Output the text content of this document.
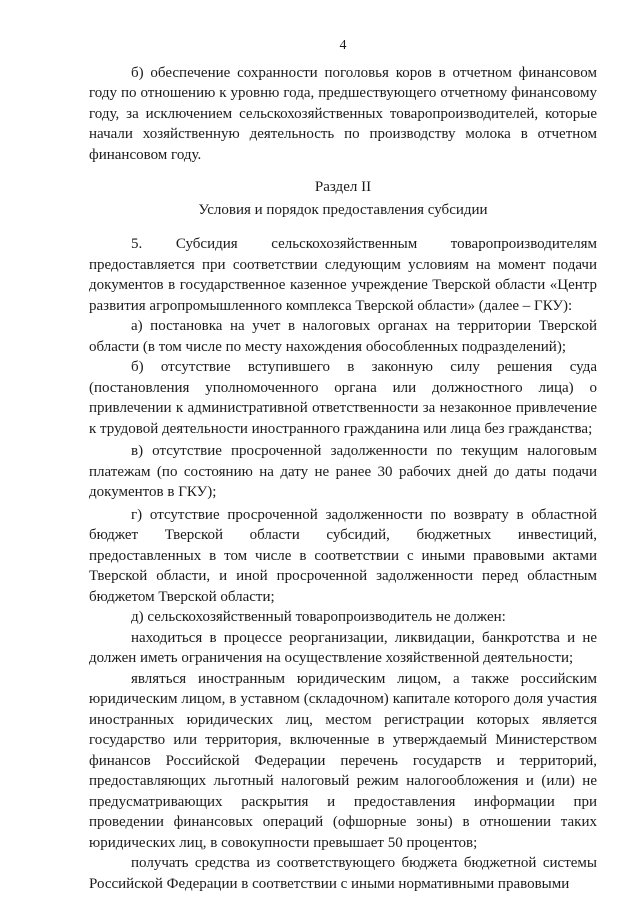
4

б) обеспечение сохранности поголовья коров в отчетном финансовом году по отношению к уровню года, предшествующего отчетному финансовому году, за исключением сельскохозяйственных товаропроизводителей, которые начали хозяйственную деятельность по производству молока в отчетном финансовом году.

Раздел II
Условия и порядок предоставления субсидии

5. Субсидия сельскохозяйственным товаропроизводителям предоставляется при соответствии следующим условиям на момент подачи документов в государственное казенное учреждение Тверской области «Центр развития агропромышленного комплекса Тверской области» (далее – ГКУ):

а) постановка на учет в налоговых органах на территории Тверской области (в том числе по месту нахождения обособленных подразделений);

б) отсутствие вступившего в законную силу решения суда (постановления уполномоченного органа или должностного лица) о привлечении к административной ответственности за незаконное привлечение к трудовой деятельности иностранного гражданина или лица без гражданства;

в) отсутствие просроченной задолженности по текущим налоговым платежам (по состоянию на дату не ранее 30 рабочих дней до даты подачи документов в ГКУ);

г) отсутствие просроченной задолженности по возврату в областной бюджет Тверской области субсидий, бюджетных инвестиций, предоставленных в том числе в соответствии с иными правовыми актами Тверской области, и иной просроченной задолженности перед областным бюджетом Тверской области;

д) сельскохозяйственный товаропроизводитель не должен:

находиться в процессе реорганизации, ликвидации, банкротства и не должен иметь ограничения на осуществление хозяйственной деятельности;

являться иностранным юридическим лицом, а также российским юридическим лицом, в уставном (складочном) капитале которого доля участия иностранных юридических лиц, местом регистрации которых является государство или территория, включенные в утверждаемый Министерством финансов Российской Федерации перечень государств и территорий, предоставляющих льготный налоговый режим налогообложения и (или) не предусматривающих раскрытия и предоставления информации при проведении финансовых операций (офшорные зоны) в отношении таких юридических лиц, в совокупности превышает 50 процентов;

получать средства из соответствующего бюджета бюджетной системы Российской Федерации в соответствии с иными нормативными правовыми
